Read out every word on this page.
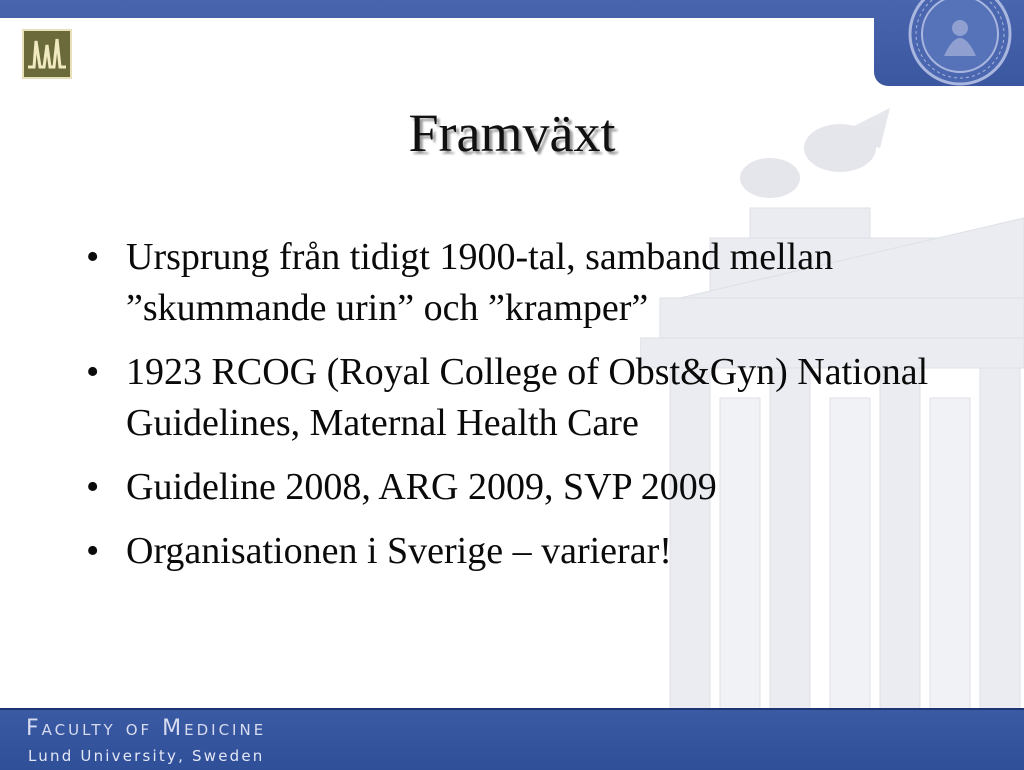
Framväxt
• Ursprung från tidigt 1900-tal, samband mellan ”skummande urin” och ”kramper”
• 1923 RCOG (Royal College of Obst&Gyn) National Guidelines, Maternal Health Care
• Guideline 2008, ARG 2009, SVP 2009
• Organisationen i Sverige – varierar!
Faculty of Medicine
Lund University, Sweden
